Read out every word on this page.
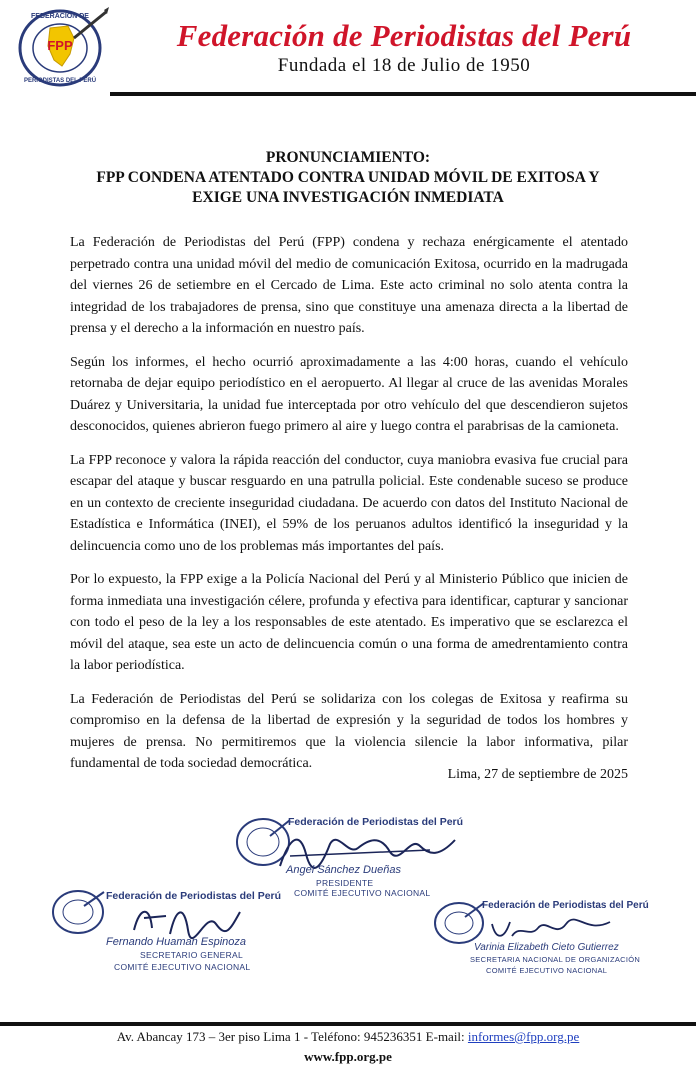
FPP
FEDERACIÓN DE
PERIODISTAS DEL PERÚ
Federación de Periodistas del Perú
Fundada el 18 de Julio de 1950
PRONUNCIAMIENTO:
FPP CONDENA ATENTADO CONTRA UNIDAD MÓVIL DE EXITOSA Y
EXIGE UNA INVESTIGACIÓN INMEDIATA

La Federación de Periodistas del Perú (FPP) condena y rechaza enérgicamente el atentado perpetrado contra una unidad móvil del medio de comunicación Exitosa, ocurrido en la madrugada del viernes 26 de setiembre en el Cercado de Lima. Este acto criminal no solo atenta contra la integridad de los trabajadores de prensa, sino que constituye una amenaza directa a la libertad de prensa y el derecho a la información en nuestro país.

Según los informes, el hecho ocurrió aproximadamente a las 4:00 horas, cuando el vehículo retornaba de dejar equipo periodístico en el aeropuerto. Al llegar al cruce de las avenidas Morales Duárez y Universitaria, la unidad fue interceptada por otro vehículo del que descendieron sujetos desconocidos, quienes abrieron fuego primero al aire y luego contra el parabrisas de la camioneta.

La FPP reconoce y valora la rápida reacción del conductor, cuya maniobra evasiva fue crucial para escapar del ataque y buscar resguardo en una patrulla policial. Este condenable suceso se produce en un contexto de creciente inseguridad ciudadana. De acuerdo con datos del Instituto Nacional de Estadística e Informática (INEI), el 59% de los peruanos adultos identificó la inseguridad y la delincuencia como uno de los problemas más importantes del país.

Por lo expuesto, la FPP exige a la Policía Nacional del Perú y al Ministerio Público que inicien de forma inmediata una investigación célere, profunda y efectiva para identificar, capturar y sancionar con todo el peso de la ley a los responsables de este atentado. Es imperativo que se esclarezca el móvil del ataque, sea este un acto de delincuencia común o una forma de amedrentamiento contra la labor periodística.

La Federación de Periodistas del Perú se solidariza con los colegas de Exitosa y reafirma su compromiso en la defensa de la libertad de expresión y la seguridad de todos los hombres y mujeres de prensa. No permitiremos que la violencia silencie la labor informativa, pilar fundamental de toda sociedad democrática.

Lima, 27 de septiembre de 2025
Federación de Periodistas del Perú
Angel Sánchez Dueñas
PRESIDENTE
COMITÉ EJECUTIVO NACIONAL
Federación de Periodistas del Perú
Fernando Huaman Espinoza
SECRETARIO GENERAL
COMITÉ EJECUTIVO NACIONAL
Federación de Periodistas del Perú
Varinia Elizabeth Cieto Gutierrez
SECRETARIA NACIONAL DE ORGANIZACIÓN
COMITÉ EJECUTIVO NACIONAL
Av. Abancay 173 – 3er piso Lima 1 - Teléfono: 945236351 E-mail: informes@fpp.org.pe
www.fpp.org.pe
